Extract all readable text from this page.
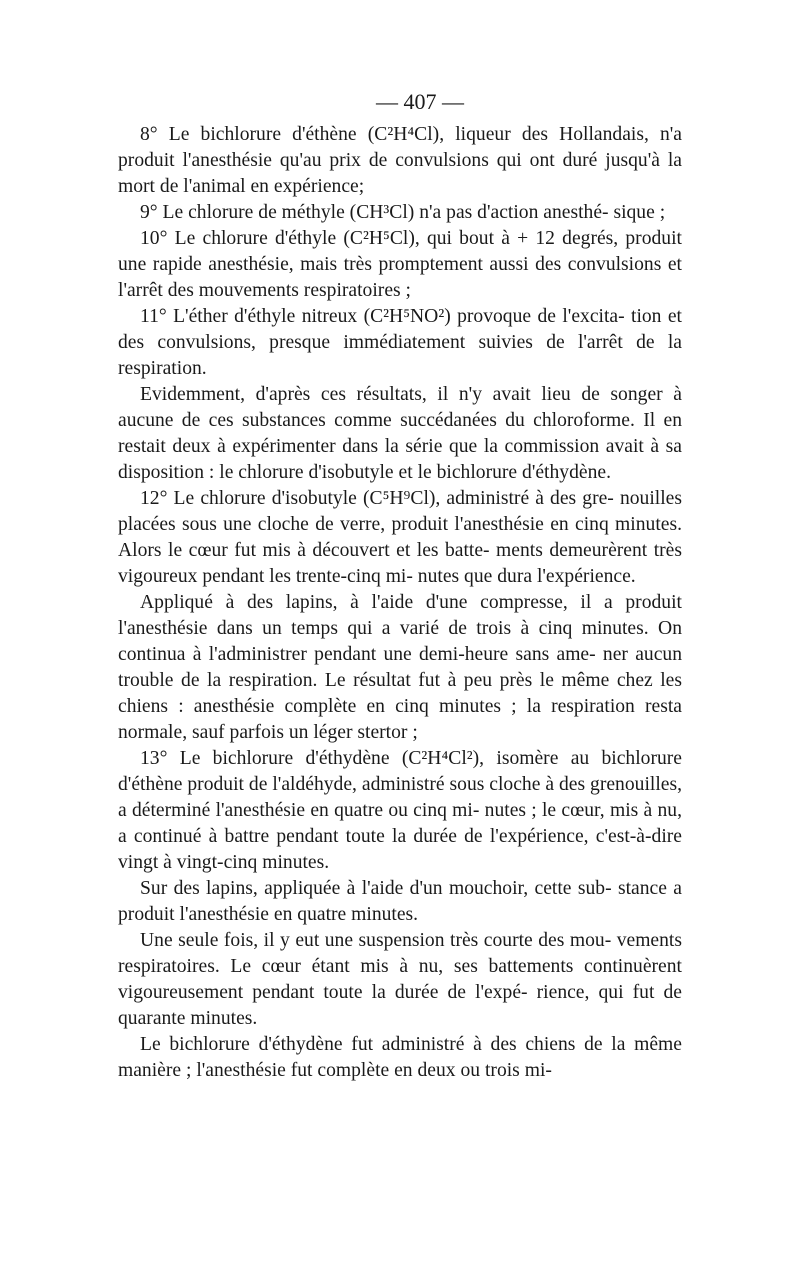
— 407 —

8° Le bichlorure d'éthène (C²H⁴Cl), liqueur des Hollandais, n'a produit l'anesthésie qu'au prix de convulsions qui ont duré jusqu'à la mort de l'animal en expérience;

9° Le chlorure de méthyle (CH³Cl) n'a pas d'action anesthé- sique ;

10° Le chlorure d'éthyle (C²H⁵Cl), qui bout à + 12 degrés, produit une rapide anesthésie, mais très promptement aussi des convulsions et l'arrêt des mouvements respiratoires ;

11° L'éther d'éthyle nitreux (C²H⁵NO²) provoque de l'excita- tion et des convulsions, presque immédiatement suivies de l'arrêt de la respiration.

Evidemment, d'après ces résultats, il n'y avait lieu de songer à aucune de ces substances comme succédanées du chloroforme. Il en restait deux à expérimenter dans la série que la commission avait à sa disposition : le chlorure d'isobutyle et le bichlorure d'éthydène.

12° Le chlorure d'isobutyle (C⁵H⁹Cl), administré à des gre- nouilles placées sous une cloche de verre, produit l'anesthésie en cinq minutes. Alors le cœur fut mis à découvert et les batte- ments demeurèrent très vigoureux pendant les trente-cinq mi- nutes que dura l'expérience.

Appliqué à des lapins, à l'aide d'une compresse, il a produit l'anesthésie dans un temps qui a varié de trois à cinq minutes. On continua à l'administrer pendant une demi-heure sans ame- ner aucun trouble de la respiration. Le résultat fut à peu près le même chez les chiens : anesthésie complète en cinq minutes ; la respiration resta normale, sauf parfois un léger stertor ;

13° Le bichlorure d'éthydène (C²H⁴Cl²), isomère au bichlorure d'éthène produit de l'aldéhyde, administré sous cloche à des grenouilles, a déterminé l'anesthésie en quatre ou cinq mi- nutes ; le cœur, mis à nu, a continué à battre pendant toute la durée de l'expérience, c'est-à-dire vingt à vingt-cinq minutes.

Sur des lapins, appliquée à l'aide d'un mouchoir, cette sub- stance a produit l'anesthésie en quatre minutes.

Une seule fois, il y eut une suspension très courte des mou- vements respiratoires. Le cœur étant mis à nu, ses battements continuèrent vigoureusement pendant toute la durée de l'expé- rience, qui fut de quarante minutes.

Le bichlorure d'éthydène fut administré à des chiens de la même manière ; l'anesthésie fut complète en deux ou trois mi-
